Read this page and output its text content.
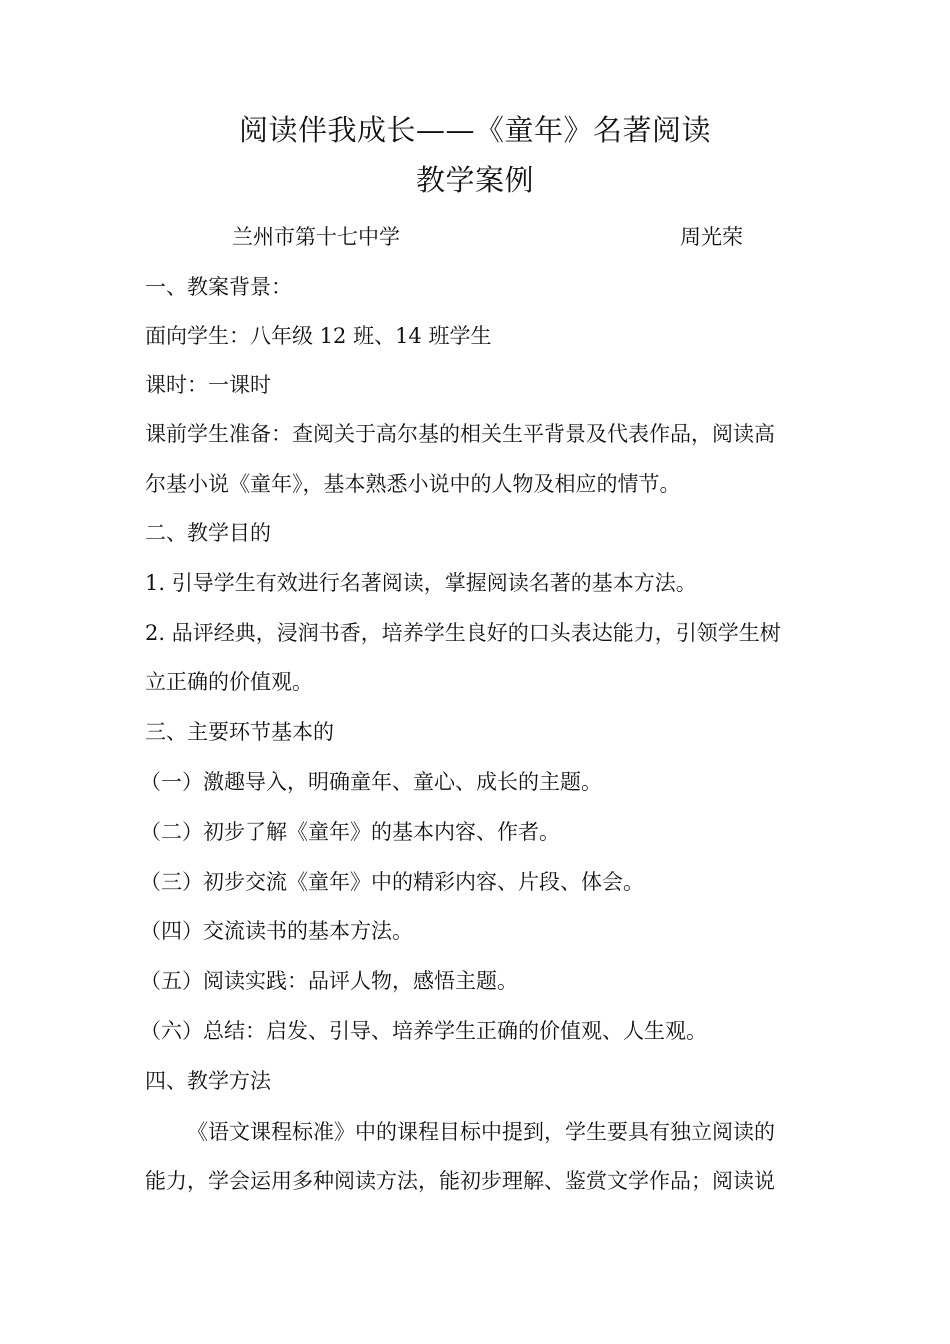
阅读伴我成长——《童年》名著阅读
教学案例
兰州市第十七中学	周光荣
一、教案背景：
面向学生：八年级 12 班、14 班学生
课时：一课时
课前学生准备：查阅关于高尔基的相关生平背景及代表作品，阅读高
尔基小说《童年》，基本熟悉小说中的人物及相应的情节。
二、教学目的
1. 引导学生有效进行名著阅读，掌握阅读名著的基本方法。
2. 品评经典，浸润书香，培养学生良好的口头表达能力，引领学生树
立正确的价值观。
三、主要环节基本的
（一）激趣导入，明确童年、童心、成长的主题。
（二）初步了解《童年》的基本内容、作者。
（三）初步交流《童年》中的精彩内容、片段、体会。
（四）交流读书的基本方法。
（五）阅读实践：品评人物，感悟主题。
（六）总结：启发、引导、培养学生正确的价值观、人生观。
四、教学方法
《语文课程标准》中的课程目标中提到，学生要具有独立阅读的
能力，学会运用多种阅读方法，能初步理解、鉴赏文学作品；阅读说
